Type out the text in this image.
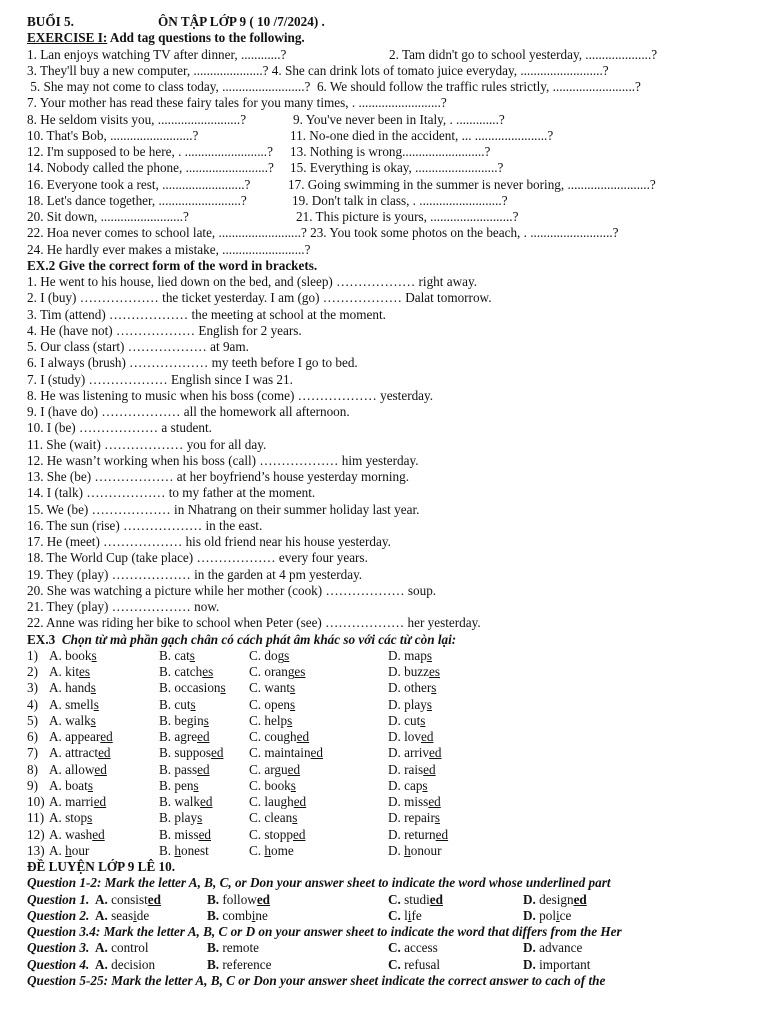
BUỔI 5.	ÔN TẬP LỚP 9 ( 10 /7/2024) .
EXERCISE I: Add tag questions to the following.
1. Lan enjoys watching TV after dinner, ............?	2. Tam didn't go to school yesterday, ....................?
3. They'll buy a new computer, .....................? 4. She can drink lots of tomato juice everyday, .........................?
5. She may not come to class today, .........................?  6. We should follow the traffic rules strictly, .........................?
7. Your mother has read these fairy tales for you many times, . .........................?
8. He seldom visits you, .........................?	9. You've never been in Italy, . .............?
10. That's Bob, .........................?	11. No-one died in the accident, ... ......................?
12. I'm supposed to be here, . .........................? 13. Nothing is wrong.........................?
14. Nobody called the phone, .........................? 15. Everything is okay, .........................?
16. Everyone took a rest, .........................?	17. Going swimming in the summer is never boring, .........................?
18. Let's dance together, .........................?	19. Don't talk in class, . .........................?
20. Sit down, .........................?	21. This picture is yours, .........................?
22. Hoa never comes to school late, .........................? 23. You took some photos on the beach, . .........................?
24. He hardly ever makes a mistake, .........................?
EX.2 Give the correct form of the word in brackets.
1. He went to his house, lied down on the bed, and (sleep) ……………… right away.
2. I (buy) ……………… the ticket yesterday. I am (go) ……………… Dalat tomorrow.
3. Tim (attend) ……………… the meeting at school at the moment.
4. He (have not) ……………… English for 2 years.
5. Our class (start) ……………… at 9am.
6. I always (brush) ……………… my teeth before I go to bed.
7. I (study) ……………… English since I was 21.
8. He was listening to music when his boss (come) ……………… yesterday.
9. I (have do) ……………… all the homework all afternoon.
10. I (be) ……………… a student.
11. She (wait) ……………… you for all day.
12. He wasn’t working when his boss (call) ……………… him yesterday.
13. She (be) ……………… at her boyfriend’s house yesterday morning.
14. I (talk) ……………… to my father at the moment.
15. We (be) ……………… in Nhatrang on their summer holiday last year.
16. The sun (rise) ……………… in the east.
17. He (meet) ……………… his old friend near his house yesterday.
18. The World Cup (take place) ……………… every four years.
19. They (play) ……………… in the garden at 4 pm yesterday.
20. She was watching a picture while her mother (cook) ……………… soup.
21. They (play) ……………… now.
22. Anne was riding her bike to school when Peter (see) ……………… her yesterday.
EX.3  Chọn từ mà phần gạch chân có cách phát âm khác so với các từ còn lại:
1) A. books	B. cats	C. dogs	D. maps
2) A. kites	B. catches	C. oranges	D. buzzes
3) A. hands	B. occasions C. wants	D. others
4) A. smells	B. cuts	C. opens	D. plays
5) A. walks	B. begins	C. helps	D. cuts
6) A. appeared	B. agreed	C. coughed	D. loved
7) A. attracted	B. supposed C. maintained	D. arrived
8) A. allowed	B. passed	C. argued	D. raised
9) A. boats	B. pens	C. books	D. caps
10) A. married	B. walked	C. laughed	D. missed
11) A. stops	B. plays	C. cleans	D. repairs
12) A. washed	B. missed	C. stopped	D. returned
13) A. hour	B. honest	C. home	D. honour
ĐỀ LUYỆN LỚP 9 LÊ 10.
Question 1-2: Mark the letter A, B, C, or Don your answer sheet to indicate the word whose underlined part
Question 1. A. consisted	B. followed	C. studied	D. designed
Question 2. A. seaside	B. combine	C. life	D. police
Question 3.4: Mark the letter A, B, C or D on your answer sheet to indicate the word that differs from the Her
Question 3. A. control	B. remote	C. access	D. advance
Question 4. A. decision	B. reference	C. refusal	D. important
Question 5-25: Mark the letter A, B, C or Don your answer sheet indicate the correct answer to cach of the
